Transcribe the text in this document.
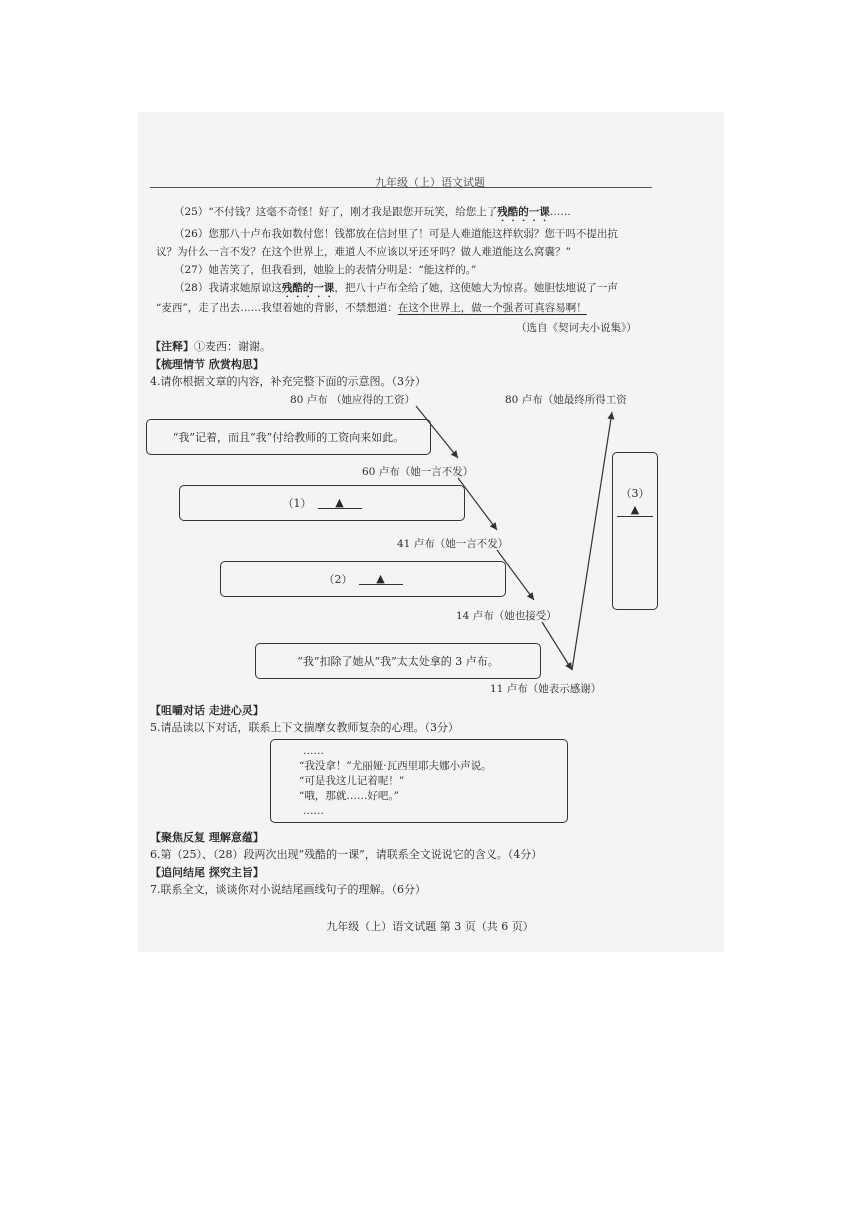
九年级（上）语文试题
（25）“不付钱？这毫不奇怪！好了，刚才我是跟您开玩笑，给您上了残酷的一课……
（26）您那八十卢布我如数付您！钱都放在信封里了！可是人难道能这样软弱？您干吗不提出抗
议？为什么一言不发？在这个世界上，难道人不应该以牙还牙吗？做人难道能这么窝囊？”
（27）她苦笑了，但我看到，她脸上的表情分明是：“能这样的。”
（28）我请求她原谅这残酷的一课，把八十卢布全给了她，这使她大为惊喜。她胆怯地说了一声
“麦西”，走了出去……我望着她的背影，不禁想道：在这个世界上，做一个强者可真容易啊！
（选自《契诃夫小说集》）
【注释】①麦西：谢谢。
【梳理情节 欣赏构思】
4.请你根据文章的内容，补充完整下面的示意图。（3分）
80 卢布 （她应得的工资）	80 卢布（她最终所得工资
“我”记着，而且“我”付给教师的工资向来如此。
60 卢布（她一言不发）
（1）	▲
41 卢布（她一言不发）
（2）	▲
（3）
▲
14 卢布（她也接受）
“我”扣除了她从“我”太太处拿的 3 卢布。
11 卢布（她表示感谢）
【咀嚼对话 走进心灵】
5.请品读以下对话，联系上下文揣摩女教师复杂的心理。（3分）
……
“我没拿！”尤丽娅·瓦西里耶夫娜小声说。
“可是我这儿记着呢！”
“哦，那就……好吧。”
……
【聚焦反复 理解意蕴】
6.第（25）、（28）段两次出现“残酷的一课”，请联系全文说说它的含义。（4分）
【追问结尾 探究主旨】
7.联系全文，谈谈你对小说结尾画线句子的理解。（6分）
九年级（上）语文试题 第 3 页（共 6 页）
